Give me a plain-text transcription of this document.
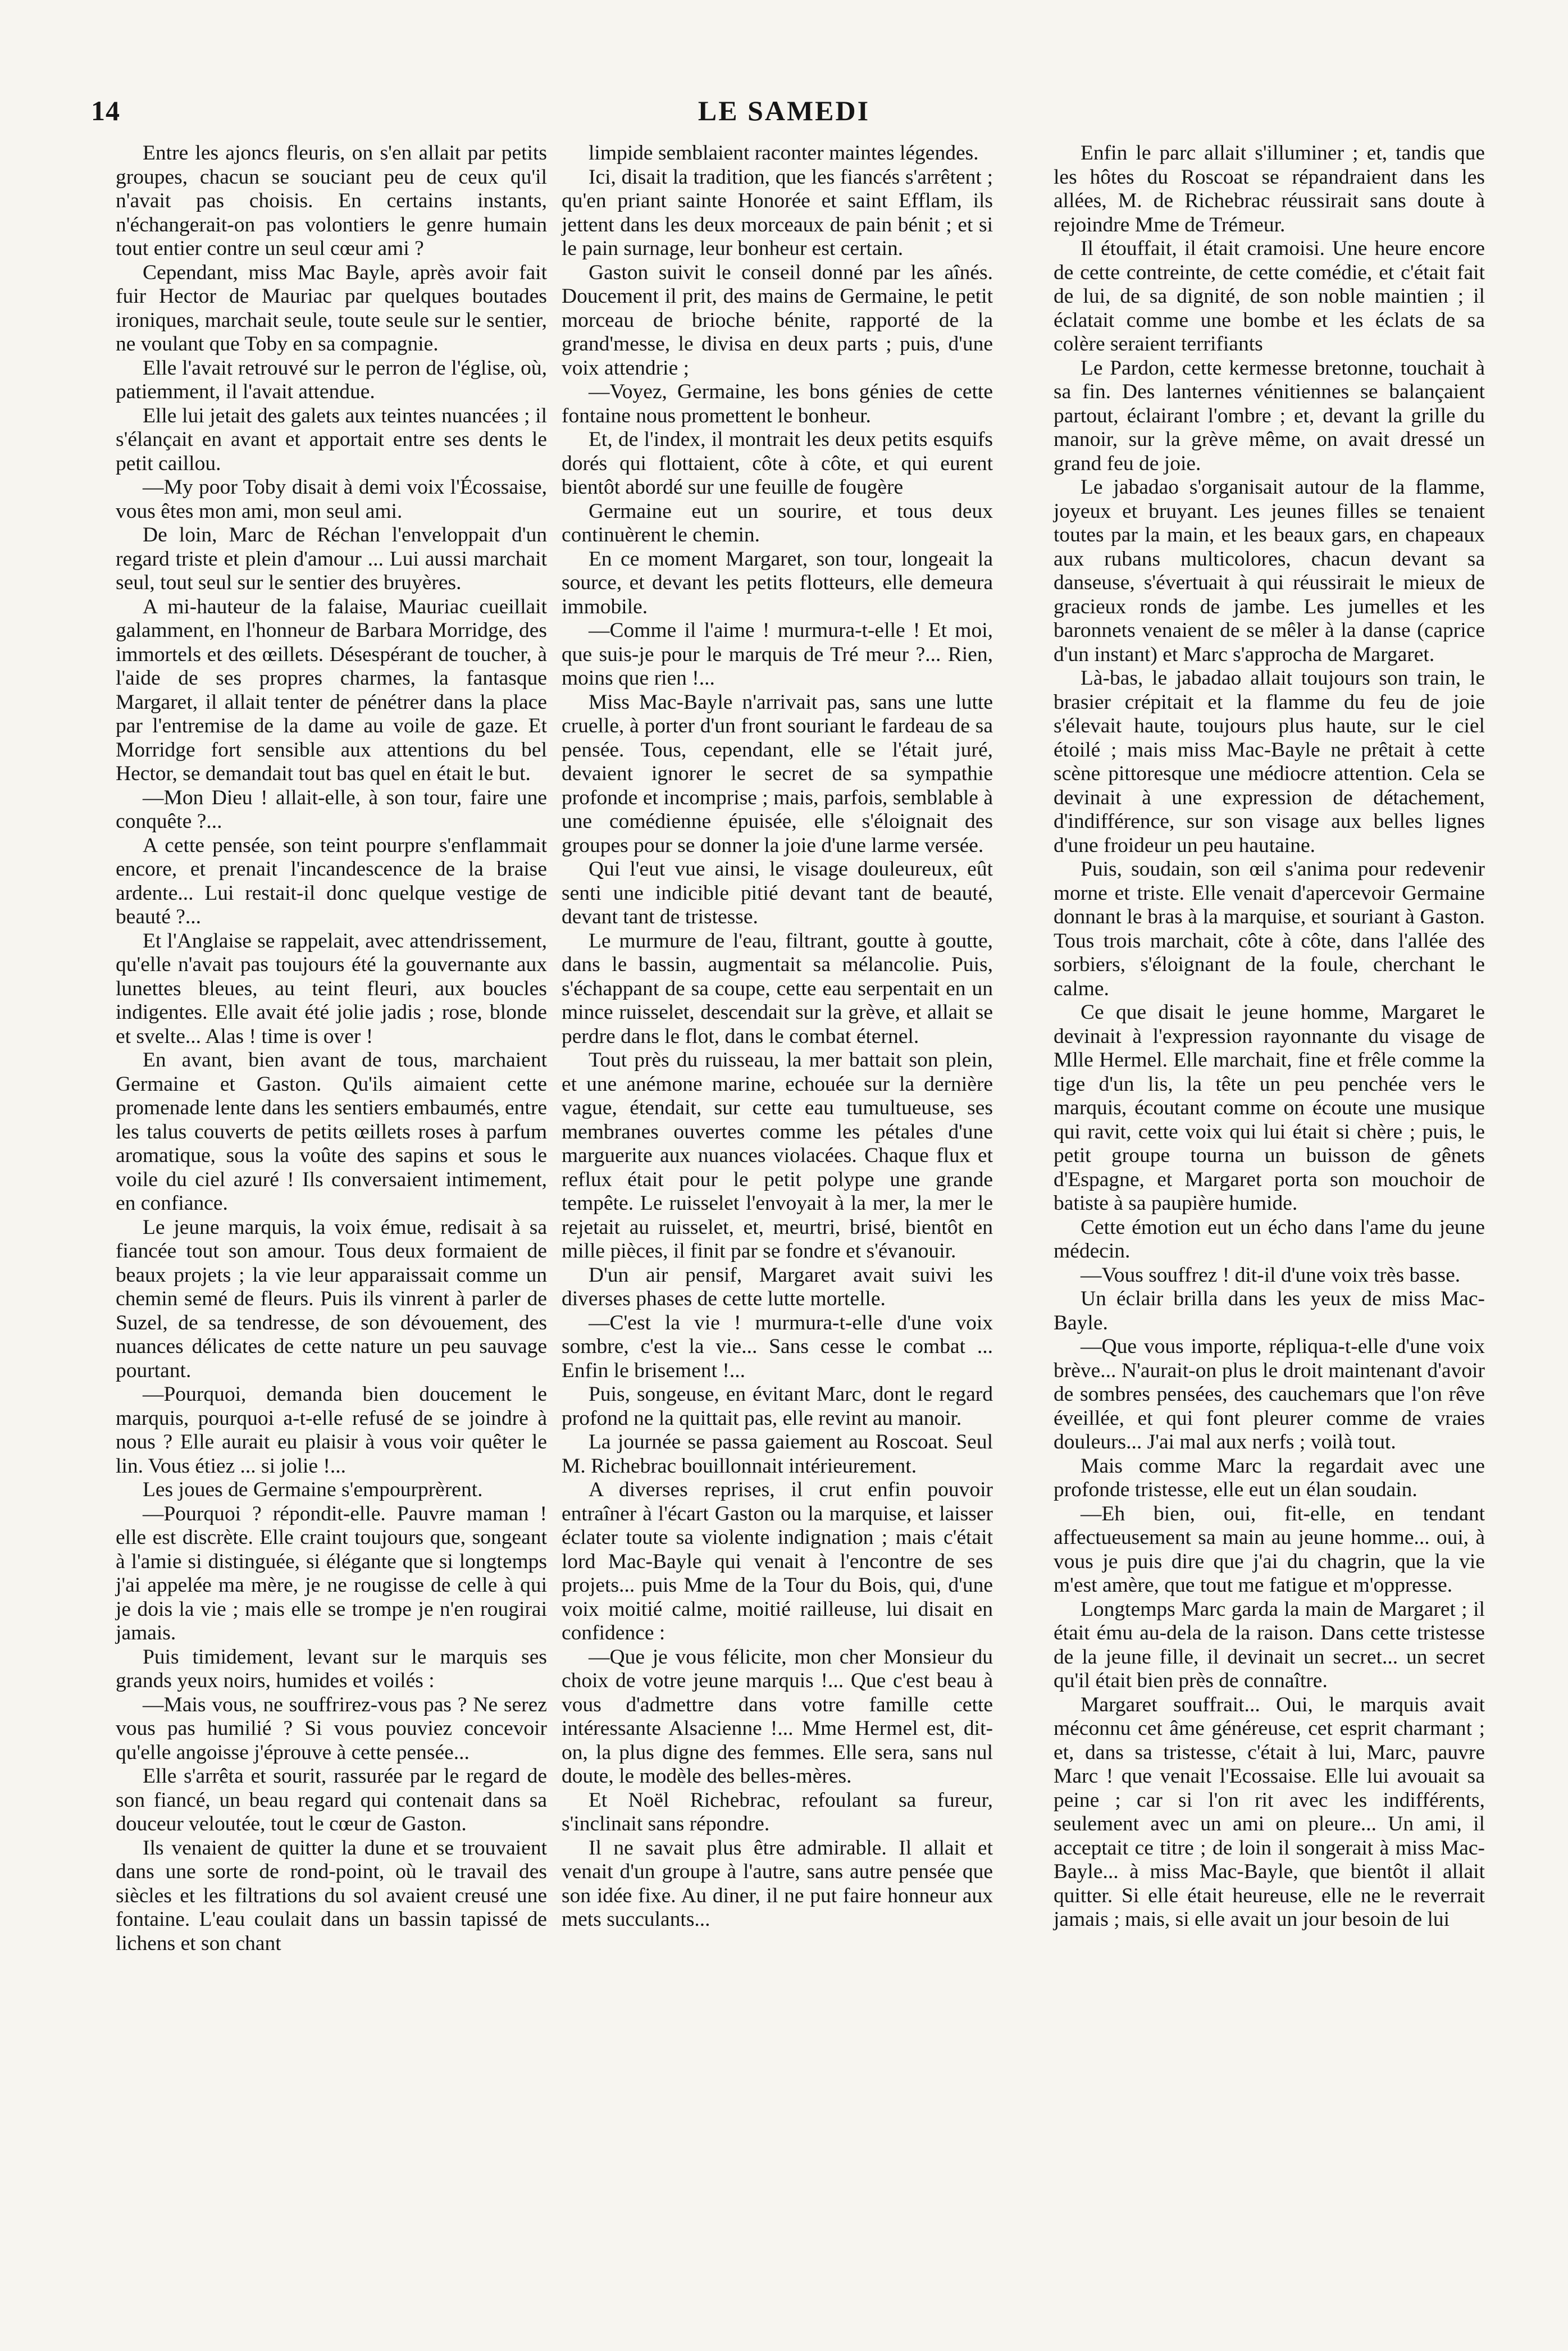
14	LE SAMEDI

Entre les ajoncs fleuris, on s'en allait par petits groupes, chacun se souciant peu de ceux qu'il n'avait pas choisis. En certains instants, n'échangerait-on pas volontiers le genre humain tout entier contre un seul cœur ami ?

Cependant, miss Mac Bayle, après avoir fait fuir Hector de Mauriac par quelques boutades ironiques, marchait seule, toute seule sur le sentier, ne voulant que Toby en sa compagnie.

Elle l'avait retrouvé sur le perron de l'église, où, patiemment, il l'avait attendue.

Elle lui jetait des galets aux teintes nuancées ; il s'élançait en avant et apportait entre ses dents le petit caillou.

—My poor Toby disait à demi voix l'Écossaise, vous êtes mon ami, mon seul ami.

De loin, Marc de Réchan l'enveloppait d'un regard triste et plein d'amour ... Lui aussi marchait seul, tout seul sur le sentier des bruyères.

A mi-hauteur de la falaise, Mauriac cueillait galamment, en l'honneur de Barbara Morridge, des immortels et des œillets. Désespérant de toucher, à l'aide de ses propres charmes, la fantasque Margaret, il allait tenter de pénétrer dans la place par l'entremise de la dame au voile de gaze. Et Morridge fort sensible aux attentions du bel Hector, se demandait tout bas quel en était le but.

—Mon Dieu ! allait-elle, à son tour, faire une conquête ?...

A cette pensée, son teint pourpre s'enflammait encore, et prenait l'incandescence de la braise ardente... Lui restait-il donc quelque vestige de beauté ?...

Et l'Anglaise se rappelait, avec attendrissement, qu'elle n'avait pas toujours été la gouvernante aux lunettes bleues, au teint fleuri, aux boucles indigentes. Elle avait été jolie jadis ; rose, blonde et svelte... Alas ! time is over !

En avant, bien avant de tous, marchaient Germaine et Gaston. Qu'ils aimaient cette promenade lente dans les sentiers embaumés, entre les talus couverts de petits œillets roses à parfum aromatique, sous la voûte des sapins et sous le voile du ciel azuré ! Ils conversaient intimement, en confiance.

Le jeune marquis, la voix émue, redisait à sa fiancée tout son amour. Tous deux formaient de beaux projets ; la vie leur apparaissait comme un chemin semé de fleurs. Puis ils vinrent à parler de Suzel, de sa tendresse, de son dévouement, des nuances délicates de cette nature un peu sauvage pourtant.

—Pourquoi, demanda bien doucement le marquis, pourquoi a-t-elle refusé de se joindre à nous ? Elle aurait eu plaisir à vous voir quêter le lin. Vous étiez ... si jolie !...

Les joues de Germaine s'empourprèrent.

—Pourquoi ? répondit-elle. Pauvre maman ! elle est discrète. Elle craint toujours que, songeant à l'amie si distinguée, si élégante que si longtemps j'ai appelée ma mère, je ne rougisse de celle à qui je dois la vie ; mais elle se trompe je n'en rougirai jamais.

Puis timidement, levant sur le marquis ses grands yeux noirs, humides et voilés :

—Mais vous, ne souffrirez-vous pas ? Ne serez vous pas humilié ? Si vous pouviez concevoir qu'elle angoisse j'éprouve à cette pensée...

Elle s'arrêta et sourit, rassurée par le regard de son fiancé, un beau regard qui contenait dans sa douceur veloutée, tout le cœur de Gaston.

Ils venaient de quitter la dune et se trouvaient dans une sorte de rond-point, où le travail des siècles et les filtrations du sol avaient creusé une fontaine. L'eau coulait dans un bassin tapissé de lichens et son chant

limpide semblaient raconter maintes légendes.

Ici, disait la tradition, que les fiancés s'arrêtent ; qu'en priant sainte Honorée et saint Efflam, ils jettent dans les deux morceaux de pain bénit ; et si le pain surnage, leur bonheur est certain.

Gaston suivit le conseil donné par les aînés. Doucement il prit, des mains de Germaine, le petit morceau de brioche bénite, rapporté de la grand'messe, le divisa en deux parts ; puis, d'une voix attendrie ;

—Voyez, Germaine, les bons génies de cette fontaine nous promettent le bonheur.

Et, de l'index, il montrait les deux petits esquifs dorés qui flottaient, côte à côte, et qui eurent bientôt abordé sur une feuille de fougère

Germaine eut un sourire, et tous deux continuèrent le chemin.

En ce moment Margaret, son tour, longeait la source, et devant les petits flotteurs, elle demeura immobile.

—Comme il l'aime ! murmura-t-elle ! Et moi, que suis-je pour le marquis de Tré meur ?... Rien, moins que rien !...

Miss Mac-Bayle n'arrivait pas, sans une lutte cruelle, à porter d'un front souriant le fardeau de sa pensée. Tous, cependant, elle se l'était juré, devaient ignorer le secret de sa sympathie profonde et incomprise ; mais, parfois, semblable à une comédienne épuisée, elle s'éloignait des groupes pour se donner la joie d'une larme versée.

Qui l'eut vue ainsi, le visage douleureux, eût senti une indicible pitié devant tant de beauté, devant tant de tristesse.

Le murmure de l'eau, filtrant, goutte à goutte, dans le bassin, augmentait sa mélancolie. Puis, s'échappant de sa coupe, cette eau serpentait en un mince ruisselet, descendait sur la grève, et allait se perdre dans le flot, dans le combat éternel.

Tout près du ruisseau, la mer battait son plein, et une anémone marine, echouée sur la dernière vague, étendait, sur cette eau tumultueuse, ses membranes ouvertes comme les pétales d'une marguerite aux nuances violacées. Chaque flux et reflux était pour le petit polype une grande tempête. Le ruisselet l'envoyait à la mer, la mer le rejetait au ruisselet, et, meurtri, brisé, bientôt en mille pièces, il finit par se fondre et s'évanouir.

D'un air pensif, Margaret avait suivi les diverses phases de cette lutte mortelle.

—C'est la vie ! murmura-t-elle d'une voix sombre, c'est la vie... Sans cesse le combat ... Enfin le brisement !...

Puis, songeuse, en évitant Marc, dont le regard profond ne la quittait pas, elle revint au manoir.

La journée se passa gaiement au Roscoat. Seul M. Richebrac bouillonnait intérieurement.

A diverses reprises, il crut enfin pouvoir entraîner à l'écart Gaston ou la marquise, et laisser éclater toute sa violente indignation ; mais c'était lord Mac-Bayle qui venait à l'encontre de ses projets... puis Mme de la Tour du Bois, qui, d'une voix moitié calme, moitié railleuse, lui disait en confidence :

—Que je vous félicite, mon cher Monsieur du choix de votre jeune marquis !... Que c'est beau à vous d'admettre dans votre famille cette intéressante Alsacienne !... Mme Hermel est, dit-on, la plus digne des femmes. Elle sera, sans nul doute, le modèle des belles-mères.

Et Noël Richebrac, refoulant sa fureur, s'inclinait sans répondre.

Il ne savait plus être admirable. Il allait et venait d'un groupe à l'autre, sans autre pensée que son idée fixe. Au diner, il ne put faire honneur aux mets succulants...

Enfin le parc allait s'illuminer ; et, tandis que les hôtes du Roscoat se répandraient dans les allées, M. de Richebrac réussirait sans doute à rejoindre Mme de Trémeur.

Il étouffait, il était cramoisi. Une heure encore de cette contreinte, de cette comédie, et c'était fait de lui, de sa dignité, de son noble maintien ; il éclatait comme une bombe et les éclats de sa colère seraient terrifiants

Le Pardon, cette kermesse bretonne, touchait à sa fin. Des lanternes vénitiennes se balançaient partout, éclairant l'ombre ; et, devant la grille du manoir, sur la grève même, on avait dressé un grand feu de joie.

Le jabadao s'organisait autour de la flamme, joyeux et bruyant. Les jeunes filles se tenaient toutes par la main, et les beaux gars, en chapeaux aux rubans multicolores, chacun devant sa danseuse, s'évertuait à qui réussirait le mieux de gracieux ronds de jambe. Les jumelles et les baronnets venaient de se mêler à la danse (caprice d'un instant) et Marc s'approcha de Margaret.

Là-bas, le jabadao allait toujours son train, le brasier crépitait et la flamme du feu de joie s'élevait haute, toujours plus haute, sur le ciel étoilé ; mais miss Mac-Bayle ne prêtait à cette scène pittoresque une médiocre attention. Cela se devinait à une expression de détachement, d'indifférence, sur son visage aux belles lignes d'une froideur un peu hautaine.

Puis, soudain, son œil s'anima pour redevenir morne et triste. Elle venait d'apercevoir Germaine donnant le bras à la marquise, et souriant à Gaston. Tous trois marchait, côte à côte, dans l'allée des sorbiers, s'éloignant de la foule, cherchant le calme.

Ce que disait le jeune homme, Margaret le devinait à l'expression rayonnante du visage de Mlle Hermel. Elle marchait, fine et frêle comme la tige d'un lis, la tête un peu penchée vers le marquis, écoutant comme on écoute une musique qui ravit, cette voix qui lui était si chère ; puis, le petit groupe tourna un buisson de gênets d'Espagne, et Margaret porta son mouchoir de batiste à sa paupière humide.

Cette émotion eut un écho dans l'ame du jeune médecin.

—Vous souffrez ! dit-il d'une voix très basse.

Un éclair brilla dans les yeux de miss Mac-Bayle.

—Que vous importe, répliqua-t-elle d'une voix brève... N'aurait-on plus le droit maintenant d'avoir de sombres pensées, des cauchemars que l'on rêve éveillée, et qui font pleurer comme de vraies douleurs... J'ai mal aux nerfs ; voilà tout.

Mais comme Marc la regardait avec une profonde tristesse, elle eut un élan soudain.

—Eh bien, oui, fit-elle, en tendant affectueusement sa main au jeune homme... oui, à vous je puis dire que j'ai du chagrin, que la vie m'est amère, que tout me fatigue et m'oppresse.

Longtemps Marc garda la main de Margaret ; il était ému au-dela de la raison. Dans cette tristesse de la jeune fille, il devinait un secret... un secret qu'il était bien près de connaître.

Margaret souffrait... Oui, le marquis avait méconnu cet âme généreuse, cet esprit charmant ; et, dans sa tristesse, c'était à lui, Marc, pauvre Marc ! que venait l'Ecossaise. Elle lui avouait sa peine ; car si l'on rit avec les indifférents, seulement avec un ami on pleure... Un ami, il acceptait ce titre ; de loin il songerait à miss Mac-Bayle... à miss Mac-Bayle, que bientôt il allait quitter. Si elle était heureuse, elle ne le reverrait jamais ; mais, si elle avait un jour besoin de lui
